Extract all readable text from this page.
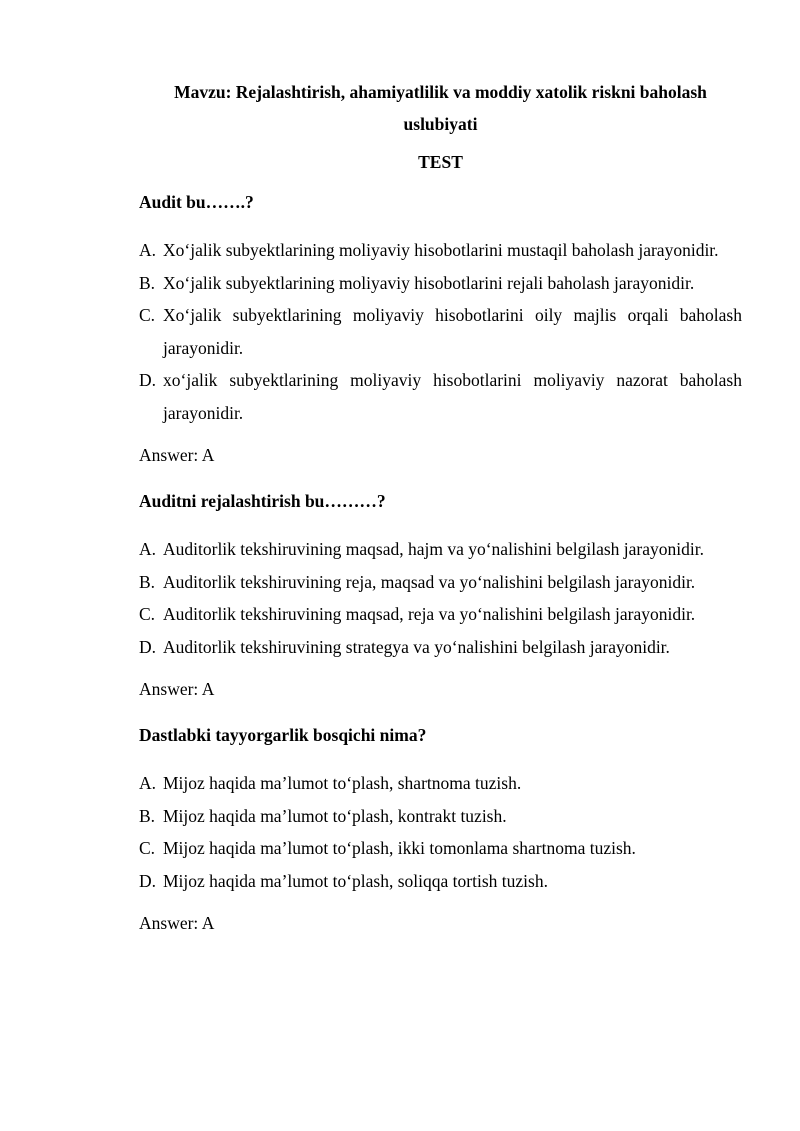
Mavzu: Rejalashtirish, ahamiyatlilik va moddiy xatolik riskni baholash uslubiyati
TEST
Audit bu…….?
A. Xo‘jalik subyektlarining moliyaviy hisobotlarini mustaqil baholash jarayonidir.
B. Xo‘jalik subyektlarining moliyaviy hisobotlarini rejali baholash jarayonidir.
C. Xo‘jalik subyektlarining moliyaviy hisobotlarini oily majlis orqali baholash jarayonidir.
D. xo‘jalik subyektlarining moliyaviy hisobotlarini moliyaviy nazorat baholash jarayonidir.
Answer: A
Auditni rejalashtirish bu………?
A. Auditorlik tekshiruvining maqsad, hajm va yo‘nalishini belgilash jarayonidir.
B. Auditorlik tekshiruvining reja, maqsad va yo‘nalishini belgilash jarayonidir.
C. Auditorlik tekshiruvining maqsad, reja va yo‘nalishini belgilash jarayonidir.
D. Auditorlik tekshiruvining strategya va yo‘nalishini belgilash jarayonidir.
Answer: A
Dastlabki tayyorgarlik bosqichi nima?
A. Mijoz haqida ma’lumot to‘plash, shartnoma tuzish.
B. Mijoz haqida ma’lumot to‘plash, kontrakt tuzish.
C. Mijoz haqida ma’lumot to‘plash, ikki tomonlama shartnoma tuzish.
D. Mijoz haqida ma’lumot to‘plash, soliqqa tortish tuzish.
Answer: A
